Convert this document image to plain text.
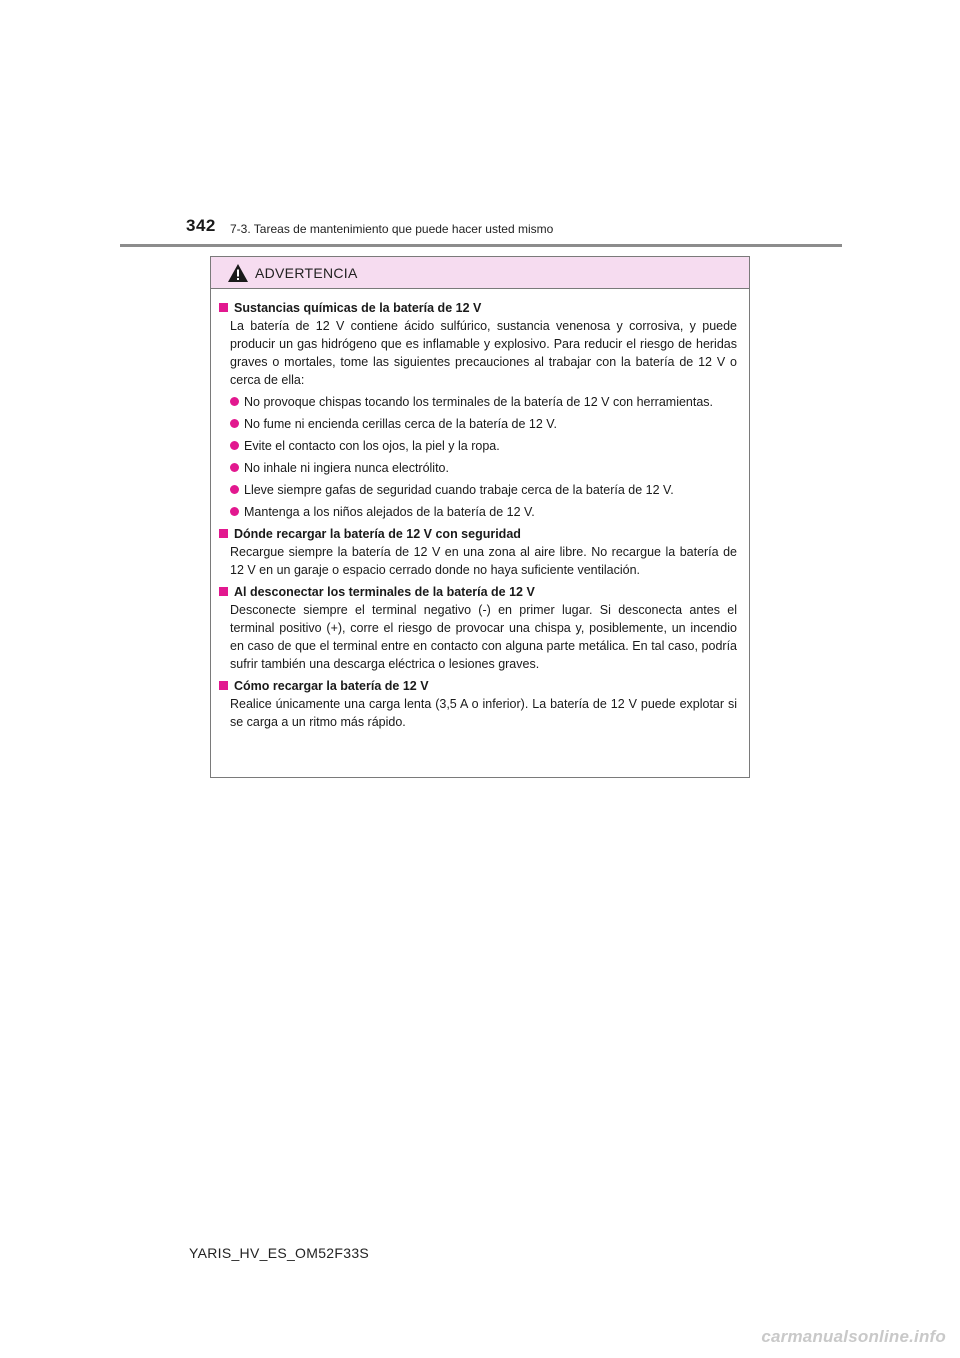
342 7-3. Tareas de mantenimiento que puede hacer usted mismo
ADVERTENCIA
Sustancias químicas de la batería de 12 V
La batería de 12 V contiene ácido sulfúrico, sustancia venenosa y corrosiva, y puede producir un gas hidrógeno que es inflamable y explosivo. Para reducir el riesgo de heridas graves o mortales, tome las siguientes precauciones al trabajar con la batería de 12 V o cerca de ella:
No provoque chispas tocando los terminales de la batería de 12 V con herramientas.
No fume ni encienda cerillas cerca de la batería de 12 V.
Evite el contacto con los ojos, la piel y la ropa.
No inhale ni ingiera nunca electrólito.
Lleve siempre gafas de seguridad cuando trabaje cerca de la batería de 12 V.
Mantenga a los niños alejados de la batería de 12 V.
Dónde recargar la batería de 12 V con seguridad
Recargue siempre la batería de 12 V en una zona al aire libre. No recargue la batería de 12 V en un garaje o espacio cerrado donde no haya suficiente ventilación.
Al desconectar los terminales de la batería de 12 V
Desconecte siempre el terminal negativo (-) en primer lugar. Si desconecta antes el terminal positivo (+), corre el riesgo de provocar una chispa y, posiblemente, un incendio en caso de que el terminal entre en contacto con alguna parte metálica. En tal caso, podría sufrir también una descarga eléctrica o lesiones graves.
Cómo recargar la batería de 12 V
Realice únicamente una carga lenta (3,5 A o inferior). La batería de 12 V puede explotar si se carga a un ritmo más rápido.
YARIS_HV_ES_OM52F33S
carmanualsonline.info
